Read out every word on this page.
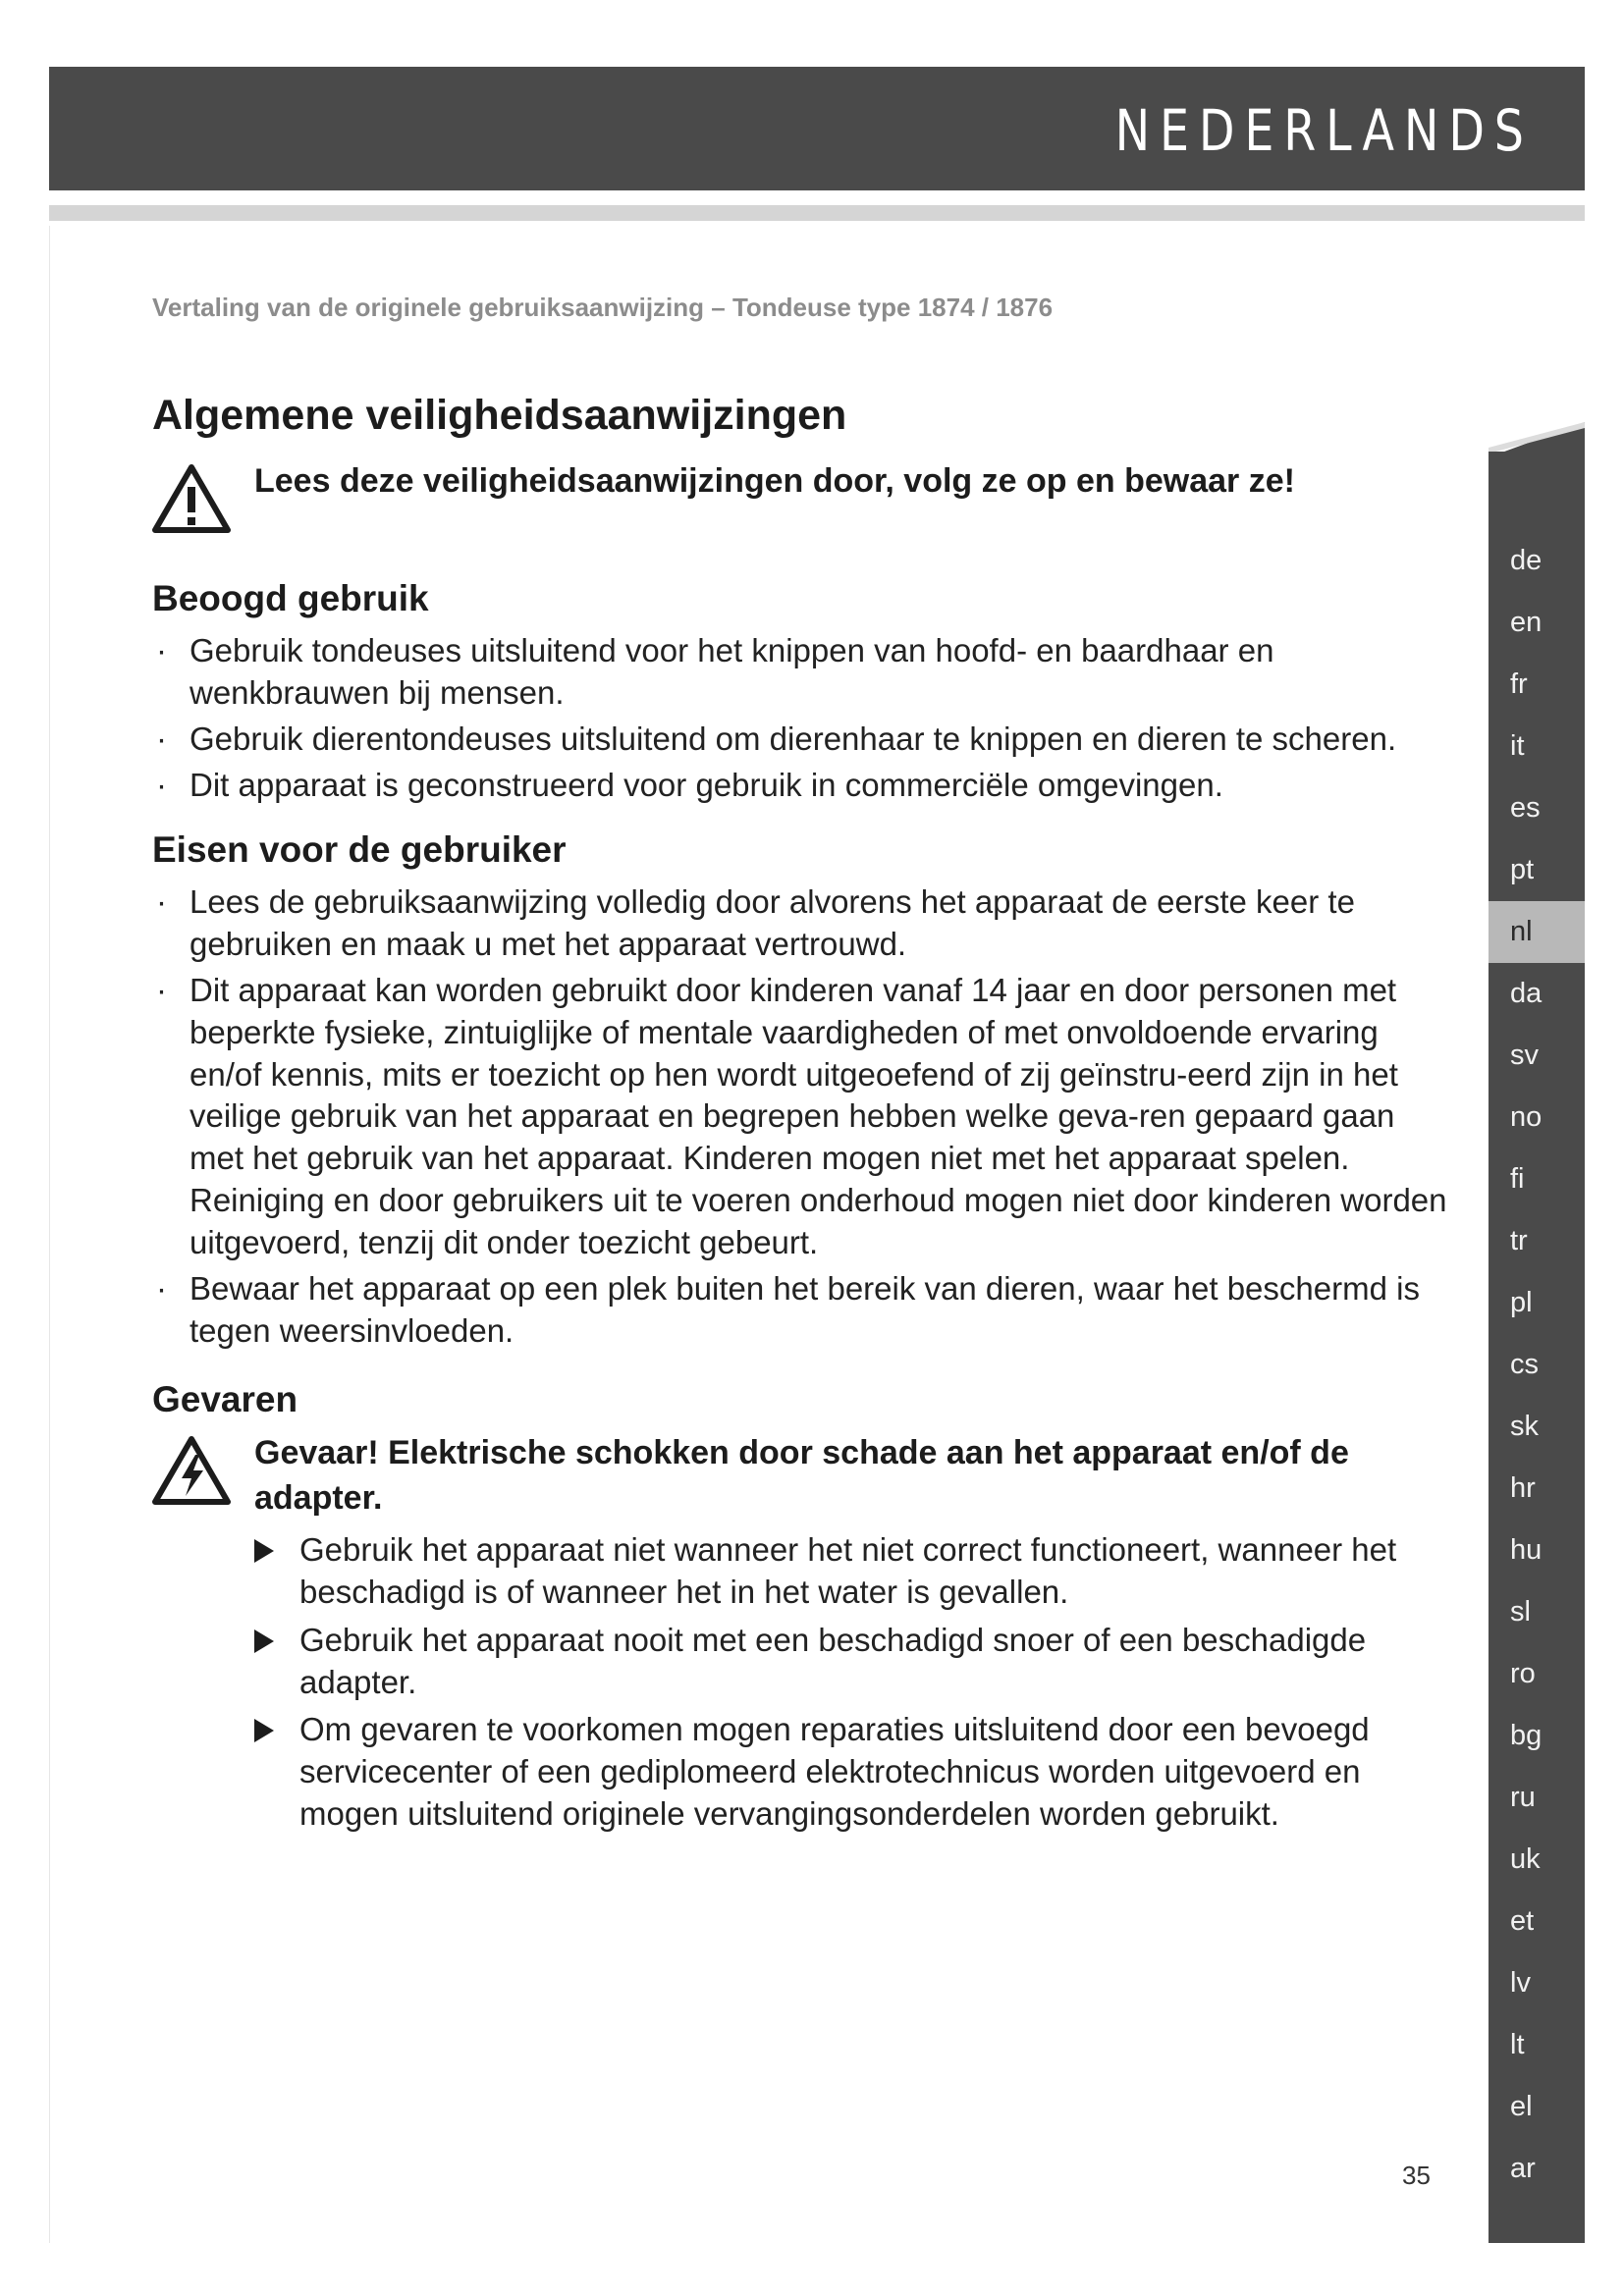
NEDERLANDS
Vertaling van de originele gebruiksaanwijzing – Tondeuse type 1874 / 1876
Algemene veiligheidsaanwijzingen
Lees deze veiligheidsaanwijzingen door, volg ze op en bewaar ze!
Beoogd gebruik
· Gebruik tondeuses uitsluitend voor het knippen van hoofd- en baardhaar en wenkbrauwen bij mensen.
· Gebruik dierentondeuses uitsluitend om dierenhaar te knippen en dieren te scheren.
· Dit apparaat is geconstrueerd voor gebruik in commerciële omgevingen.
Eisen voor de gebruiker
· Lees de gebruiksaanwijzing volledig door alvorens het apparaat de eerste keer te gebruiken en maak u met het apparaat vertrouwd.
· Dit apparaat kan worden gebruikt door kinderen vanaf 14 jaar en door personen met beperkte fysieke, zintuiglijke of mentale vaardigheden of met onvoldoende ervaring en/of kennis, mits er toezicht op hen wordt uitgeoefend of zij geïnstru-eerd zijn in het veilige gebruik van het apparaat en begrepen hebben welke geva-ren gepaard gaan met het gebruik van het apparaat. Kinderen mogen niet met het apparaat spelen. Reiniging en door gebruikers uit te voeren onderhoud mogen niet door kinderen worden uitgevoerd, tenzij dit onder toezicht gebeurt.
· Bewaar het apparaat op een plek buiten het bereik van dieren, waar het beschermd is tegen weersinvloeden.
Gevaren
Gevaar! Elektrische schokken door schade aan het apparaat en/of de adapter.
Gebruik het apparaat niet wanneer het niet correct functioneert, wanneer het beschadigd is of wanneer het in het water is gevallen.
Gebruik het apparaat nooit met een beschadigd snoer of een beschadigde adapter.
Om gevaren te voorkomen mogen reparaties uitsluitend door een bevoegd servicecenter of een gediplomeerd elektrotechnicus worden uitgevoerd en mogen uitsluitend originele vervangingsonderdelen worden gebruikt.
35
de
en
fr
it
es
pt
nl
da
sv
no
fi
tr
pl
cs
sk
hr
hu
sl
ro
bg
ru
uk
et
lv
lt
el
ar
